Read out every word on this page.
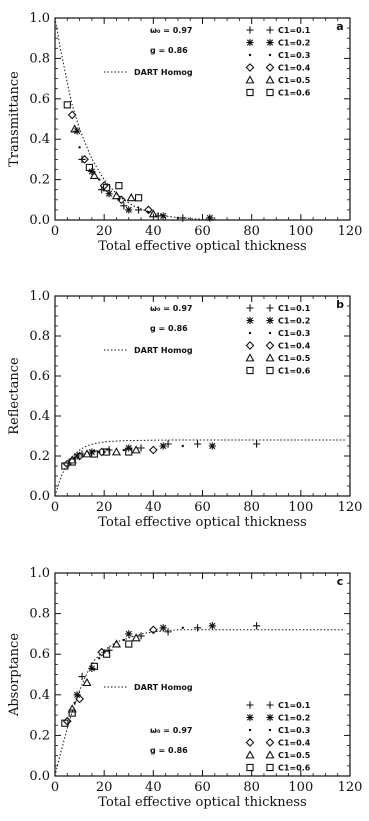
0	20	40	60	80 100 120
0.0
0.2
0.4
0.6
0.8
1.0
Total effective optical thickness
Transmittance
a
ω₀ = 0.97
g = 0.86
DART Homog
C1=0.1
C1=0.2
C1=0.3
C1=0.4
C1=0.5
C1=0.6
0	20	40	60	80 100 120
0.0
0.2
0.4
0.6
0.8
1.0
Total effective optical thickness
Reflectance
b
ω₀ = 0.97
g = 0.86
DART Homog
C1=0.1
C1=0.2
C1=0.3
C1=0.4
C1=0.5
C1=0.6
0	20	40	60	80 100 120
0.0
0.2
0.4
0.6
0.8
1.0
Total effective optical thickness
Absorptance
c
ω₀ = 0.97
g = 0.86
DART Homog
C1=0.1
C1=0.2
C1=0.3
C1=0.4
C1=0.5
C1=0.6
